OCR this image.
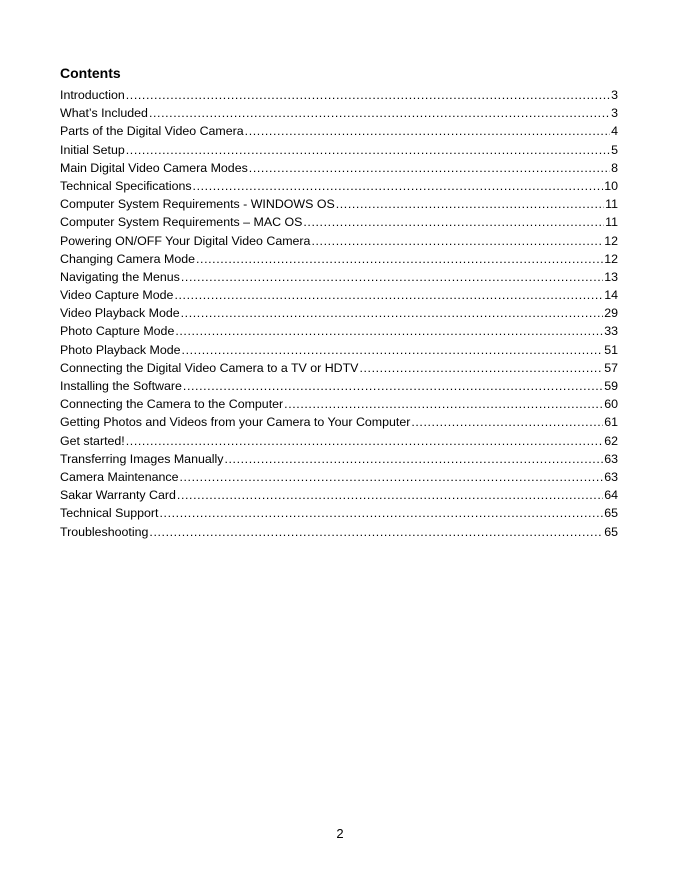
Contents
Introduction .....	3
What’s Included .....	3
Parts of the Digital Video Camera .....	4
Initial Setup .....	5
Main Digital Video Camera Modes .....	8
Technical Specifications .....	10
Computer System Requirements - WINDOWS OS .....	11
Computer System Requirements – MAC OS .....	11
Powering ON/OFF Your Digital Video Camera .....	12
Changing Camera Mode .....	12
Navigating the Menus .....	13
Video Capture Mode .....	14
Video Playback Mode .....	29
Photo Capture Mode .....	33
Photo Playback Mode .....	51
Connecting the Digital Video Camera to a TV or HDTV .....	57
Installing the Software .....	59
Connecting the Camera to the Computer .....	60
Getting Photos and Videos from your Camera to Your Computer .....	61
Get started! .....	62
Transferring Images Manually .....	63
Camera Maintenance .....	63
Sakar Warranty Card .....	64
Technical Support .....	65
Troubleshooting .....	65
2
